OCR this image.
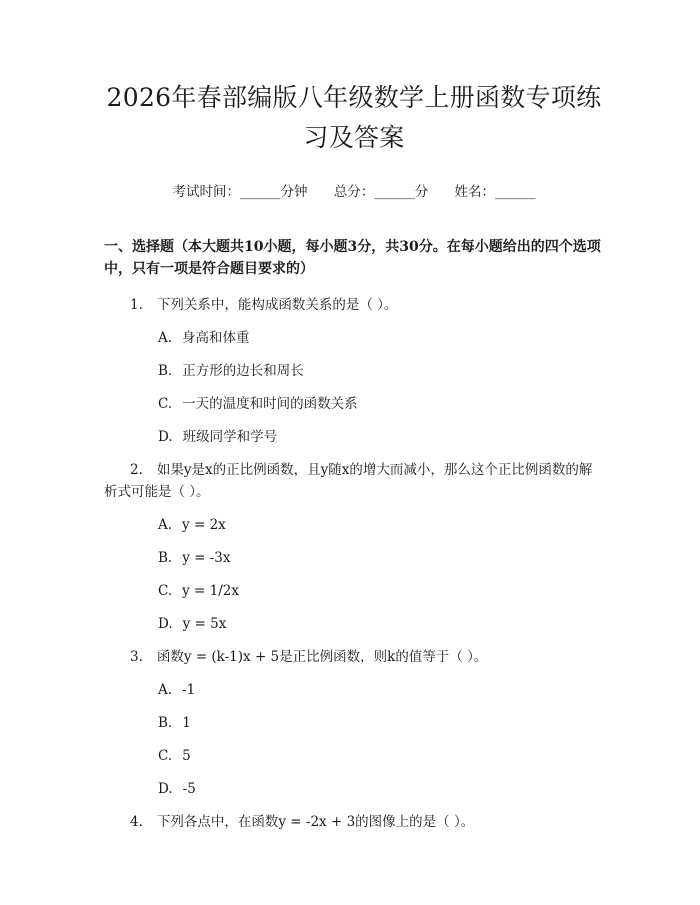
2026年春部编版八年级数学上册函数专项练习及答案
考试时间：______分钟 总分：______分 姓名：______
一、选择题（本大题共10小题，每小题3分，共30分。在每小题给出的四个选项中，只有一项是符合题目要求的）

1. 下列关系中，能构成函数关系的是（ ）。

A. 身高和体重
B. 正方形的边长和周长
C. 一天的温度和时间的函数关系
D. 班级同学和学号

2. 如果y是x的正比例函数，且y随x的增大而减小，那么这个正比例函数的解析式可能是（ ）。

A. y = 2x
B. y = -3x
C. y = 1/2x
D. y = 5x

3. 函数y = (k-1)x + 5是正比例函数，则k的值等于（ ）。

A. -1
B. 1
C. 5
D. -5

4. 下列各点中，在函数y = -2x + 3的图像上的是（ ）。
